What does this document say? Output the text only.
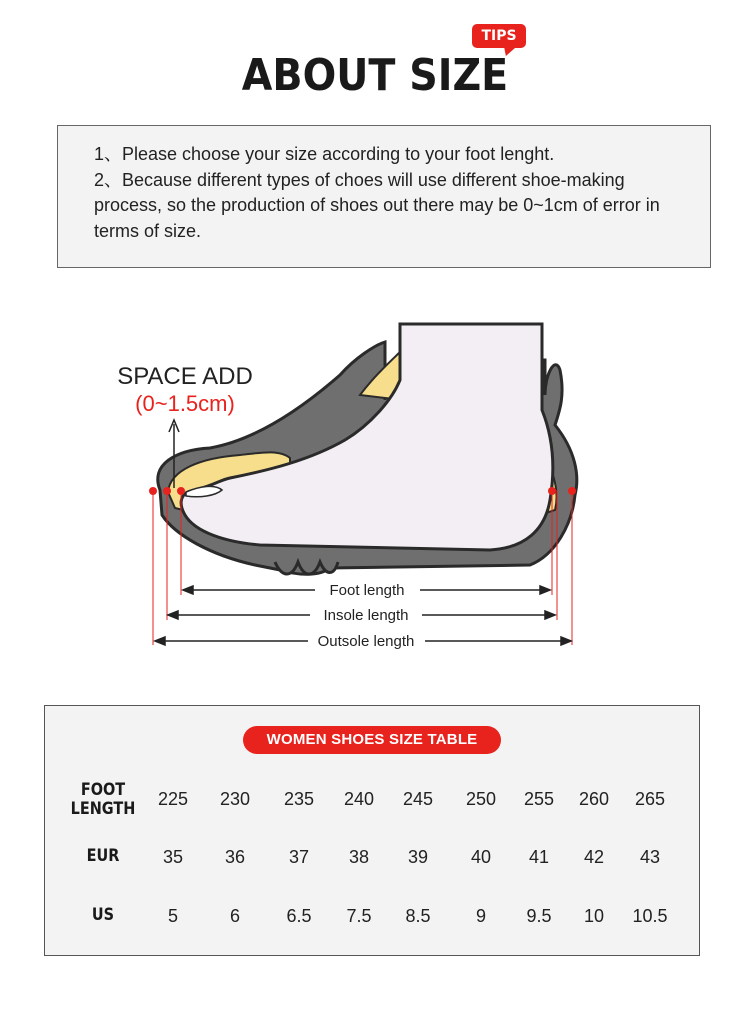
ABOUT SIZE
TIPS

1、Please choose your size according to your foot lenght.

2、Because different types of choes will use different shoe-making process, so the production of shoes out there may be 0~1cm of error in terms of size.

SPACE ADD
(0~1.5cm)
Foot length
Insole length
Outsole length
WOMEN SHOES SIZE TABLE
FOOT
LENGTH	225	230	235	240	245	250	255	260	265
EUR	35	36	37	38	39	40	41	42	43
US	5	6	6.5	7.5	8.5	9	9.5	10	10.5
